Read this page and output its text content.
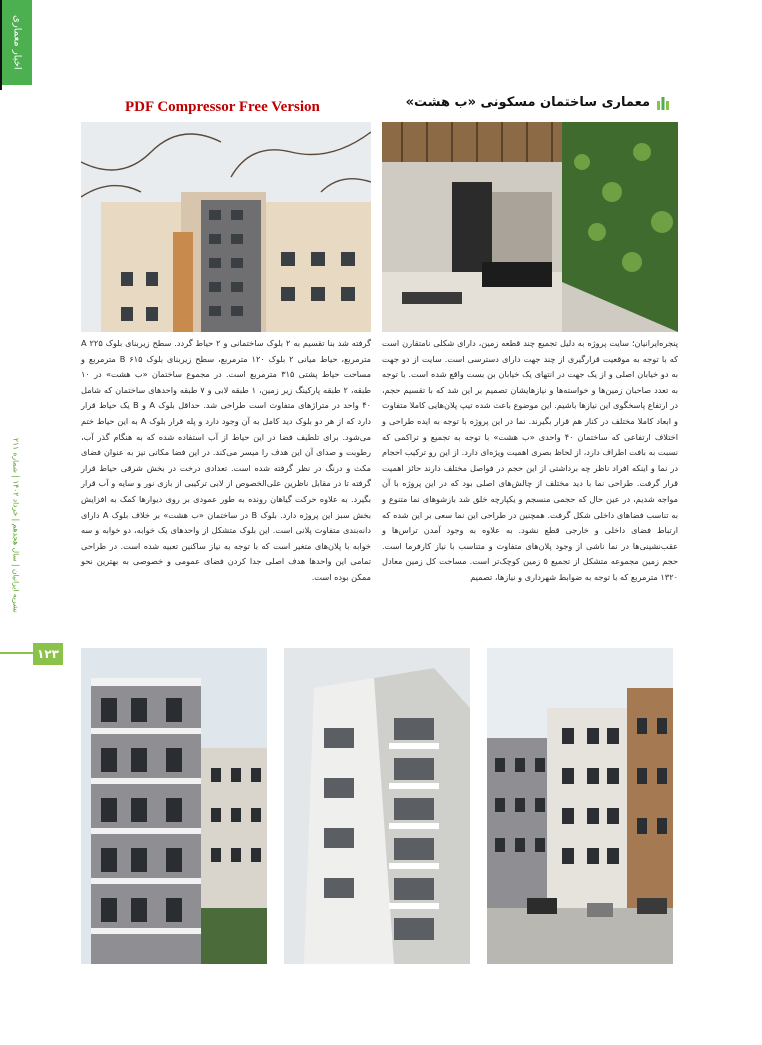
اخبار معماری
نشریه ایرانیان | سال هجدهم | خرداد ۱۴۰۲ | شماره ۲۱۱
۱۲۳
PDF Compressor Free Version	معماری ساختمان مسکونی «ب هشت»

پنجره‌ایرانیان؛ سایت پروژه به دلیل تجمیع چند قطعه زمین، دارای شکلی نامتقارن است که با توجه به موقعیت قرارگیری از چند جهت دارای دسترسی است. سایت از دو جهت به دو خیابان اصلی و از یک جهت در انتهای یک خیابان بن بست واقع شده است. با توجه به تعدد صاحبان زمین‌ها و خواسته‌ها و نیازهایشان تصمیم بر این شد که با تقسیم حجم، در ارتفاع پاسخگوی این نیازها باشیم. این موضوع باعث شده تیپ پلان‌هایی کاملا متفاوت و ابعاد کاملا مختلف در کنار هم قرار بگیرند. نما در این پروژه با توجه به ایده طراحی و اختلاف ارتفاعی که ساختمان ۴۰ واحدی «ب هشت» با توجه به تجمیع و تراکمی که نسبت به بافت اطراف دارد، از لحاظ بصری اهمیت ویژه‌ای دارد. از این رو ترکیب احجام در نما و اینکه افراد ناظر چه برداشتی از این حجم در فواصل مختلف دارند حائز اهمیت قرار گرفت. طراحی نما با دید مختلف از چالش‌های اصلی بود که در این پروژه با آن مواجه شدیم، در عین حال که حجمی منسجم و یکپارچه خلق شد بازشوهای نما متنوع و به تناسب فضاهای داخلی شکل گرفت. همچنین در طراحی این نما سعی بر این شده که ارتباط فضای داخلی و خارجی قطع نشود. به علاوه به وجود آمدن تراس‌ها و عقب‌نشینی‌ها در نما ناشی از وجود پلان‌های متفاوت و متناسب با نیاز کارفرما است. حجم زمین مجموعه متشکل از تجمیع ۵ زمین کوچک‌تر است. مساحت کل زمین معادل ۱۳۲۰ مترمربع که با توجه به ضوابط شهرداری و نیازها، تصمیم

گرفته شد بنا تقسیم به ۲ بلوک ساختمانی و ۲ حیاط گردد. سطح زیربنای بلوک A ۲۲۵ مترمربع، حیاط میانی ۲ بلوک ۱۲۰ مترمربع، سطح زیربنای بلوک B ۶۱۵ مترمربع و مساحت حیاط پشتی ۳۱۵ مترمربع است. در مجموع ساختمان «ب هشت» در ۱۰ طبقه، ۲ طبقه پارکینگ زیر زمین، ۱ طبقه لابی و ۷ طبقه واحدهای ساختمان که شامل ۴۰ واحد در متراژهای متفاوت است طراحی شد. حداقل بلوک A و B یک حیاط قرار دارد که از هر دو بلوک دید کامل به آن وجود دارد و پله قرار بلوک A به این حیاط ختم می‌شود. برای تلطیف فضا در این حیاط از آب استفاده شده که به هنگام گذر آب، رطوبت و صدای آن این هدف را میسر می‌کند. در این فضا مکانی نیز به عنوان فضای مکث و درنگ در نظر گرفته شده است. تعدادی درخت در بخش شرقی حیاط قرار گرفته تا در مقابل ناظرین علی‌الخصوص از لابی ترکیبی از بازی نور و سایه و آب قرار بگیرد. به علاوه حرکت گیاهان رونده به طور عمودی بر روی دیوارها کمک به افزایش بخش سبز این پروژه دارد. بلوک B در ساختمان «ب هشت» بر خلاف بلوک A دارای دانه‌بندی متفاوت پلانی است. این بلوک متشکل از واحدهای یک خوابه، دو خوابه و سه خوابه با پلان‌های متغیر است که با توجه به نیاز ساکنین تعبیه شده است. در طراحی تمامی این واحدها هدف اصلی جدا کردن فضای عمومی و خصوصی به بهترین نحو ممکن بوده است.
